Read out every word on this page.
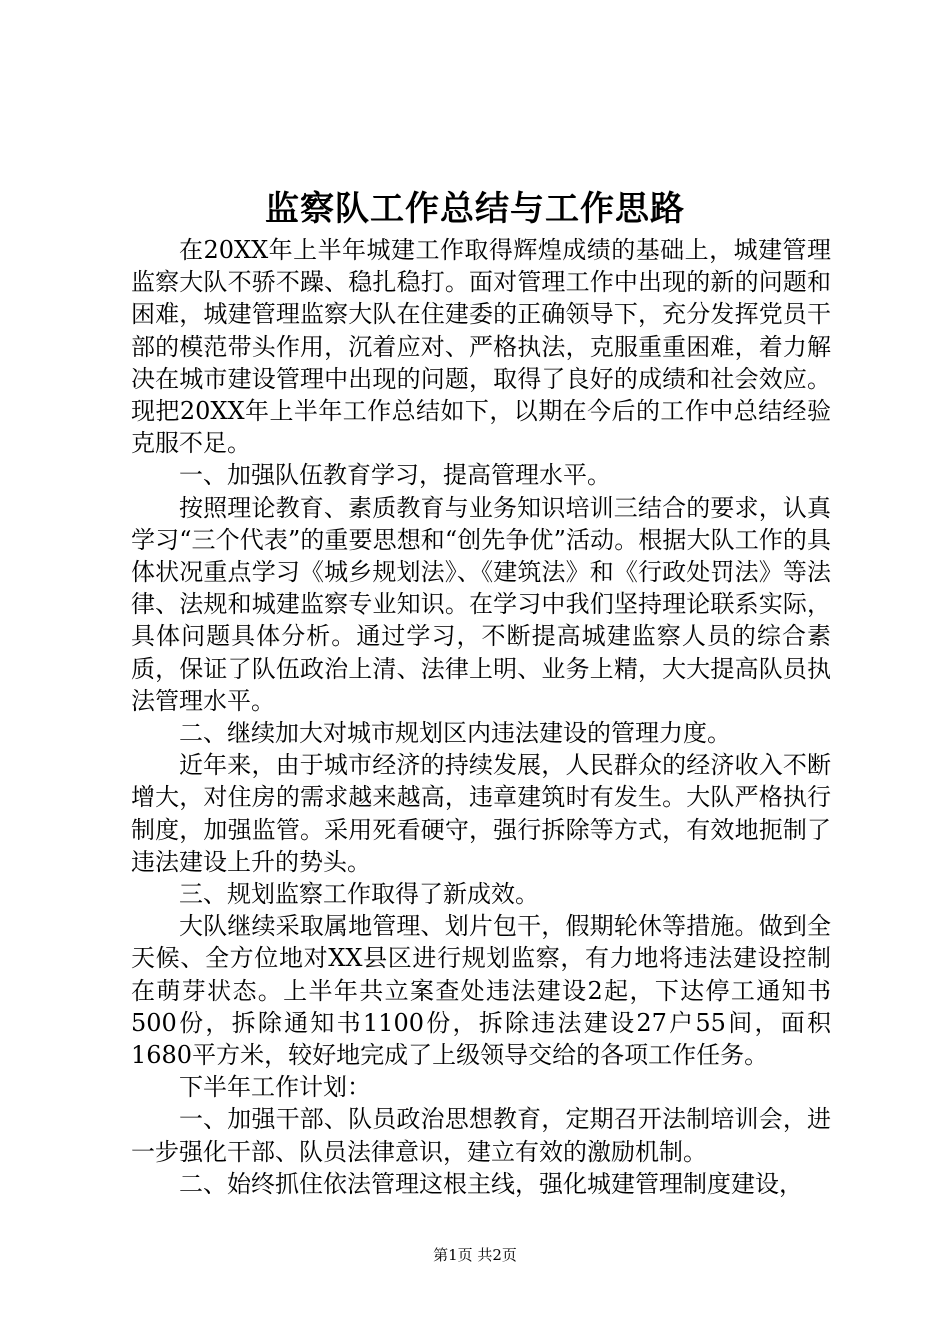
监察队工作总结与工作思路

在20XX年上半年城建工作取得辉煌成绩的基础上，城建管理监察大队不骄不躁、稳扎稳打。面对管理工作中出现的新的问题和困难，城建管理监察大队在住建委的正确领导下，充分发挥党员干部的模范带头作用，沉着应对、严格执法，克服重重困难，着力解决在城市建设管理中出现的问题，取得了良好的成绩和社会效应。现把20XX年上半年工作总结如下，以期在今后的工作中总结经验克服不足。

一、加强队伍教育学习，提高管理水平。

按照理论教育、素质教育与业务知识培训三结合的要求，认真学习“三个代表”的重要思想和“创先争优”活动。根据大队工作的具体状况重点学习《城乡规划法》、《建筑法》和《行政处罚法》等法律、法规和城建监察专业知识。在学习中我们坚持理论联系实际，具体问题具体分析。通过学习，不断提高城建监察人员的综合素质，保证了队伍政治上清、法律上明、业务上精，大大提高队员执法管理水平。

二、继续加大对城市规划区内违法建设的管理力度。

近年来，由于城市经济的持续发展，人民群众的经济收入不断增大，对住房的需求越来越高，违章建筑时有发生。大队严格执行制度，加强监管。采用死看硬守，强行拆除等方式，有效地扼制了违法建设上升的势头。

三、规划监察工作取得了新成效。

大队继续采取属地管理、划片包干，假期轮休等措施。做到全天候、全方位地对XX县区进行规划监察，有力地将违法建设控制在萌芽状态。上半年共立案查处违法建设2起，下达停工通知书500份，拆除通知书1100份，拆除违法建设27户55间，面积1680平方米，较好地完成了上级领导交给的各项工作任务。

下半年工作计划：

一、加强干部、队员政治思想教育，定期召开法制培训会，进一步强化干部、队员法律意识，建立有效的激励机制。

二、始终抓住依法管理这根主线，强化城建管理制度建设，

第1页 共2页
